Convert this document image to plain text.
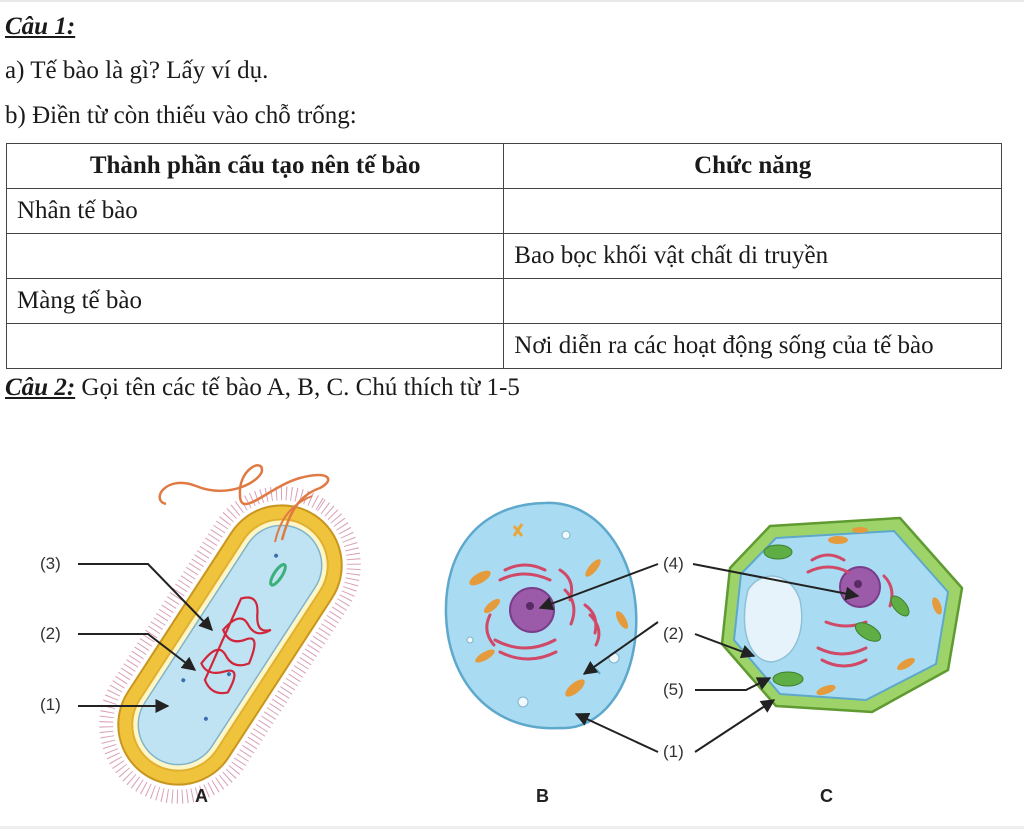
Câu 1:
a) Tế bào là gì? Lấy ví dụ.
b) Điền từ còn thiếu vào chỗ trống:
Thành phần cấu tạo nên tế bào	Chức năng
Nhân tế bào	
	Bao bọc khối vật chất di truyền
Màng tế bào	
	Nơi diễn ra các hoạt động sống của tế bào
Câu 2: Gọi tên các tế bào A, B, C. Chú thích từ 1-5
(3)
(2)
(1)
A	B
(4)
(2)
(5)
(1)
C
